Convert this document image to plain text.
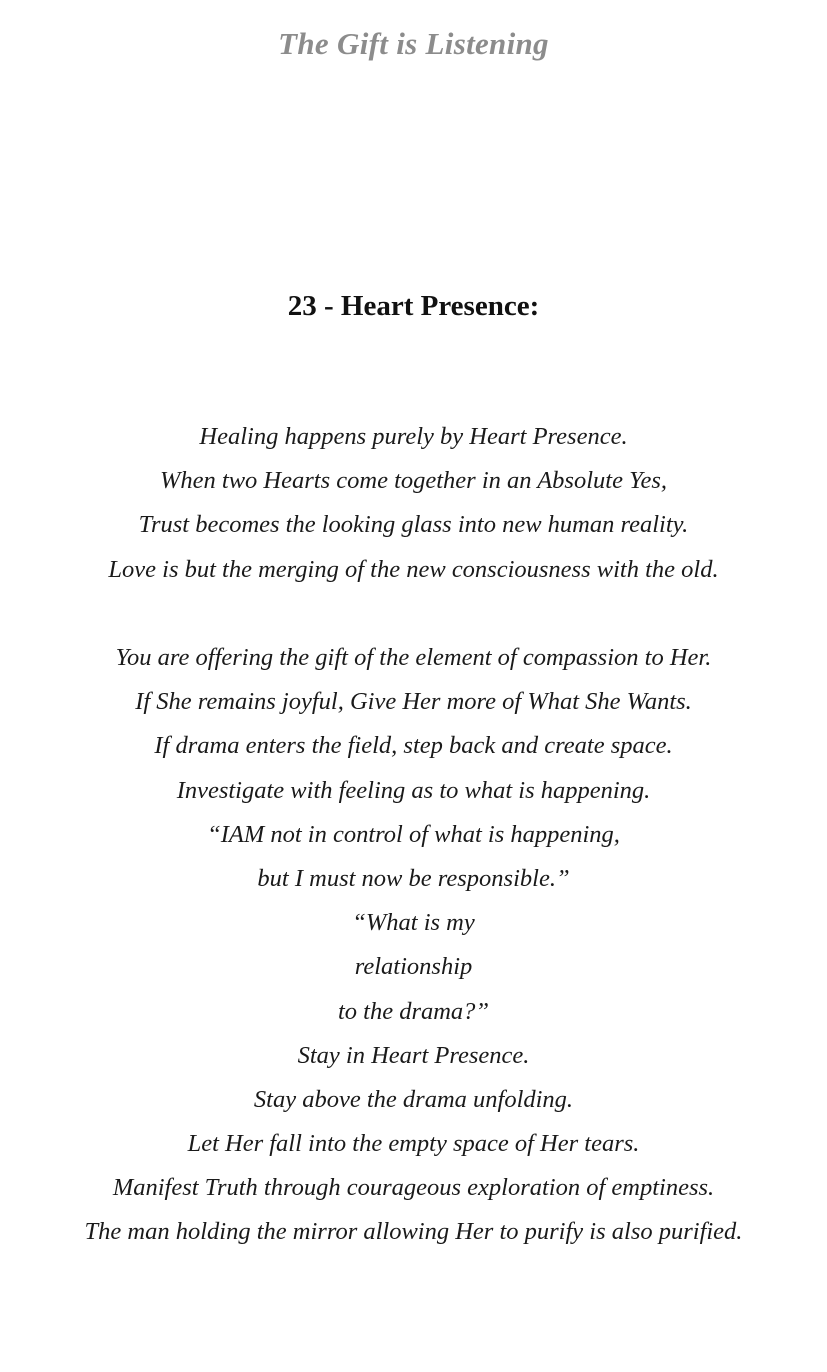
The Gift is Listening
23 - Heart Presence:
Healing happens purely by Heart Presence.
When two Hearts come together in an Absolute Yes,
Trust becomes the looking glass into new human reality.
Love is but the merging of the new consciousness with the old.
You are offering the gift of the element of compassion to Her.
If She remains joyful, Give Her more of What She Wants.
If drama enters the field, step back and create space.
Investigate with feeling as to what is happening.
“IAM not in control of what is happening,
but I must now be responsible.”
“What is my
relationship
to the drama?”
Stay in Heart Presence.
Stay above the drama unfolding.
Let Her fall into the empty space of Her tears.
Manifest Truth through courageous exploration of emptiness.
The man holding the mirror allowing Her to purify is also purified.
